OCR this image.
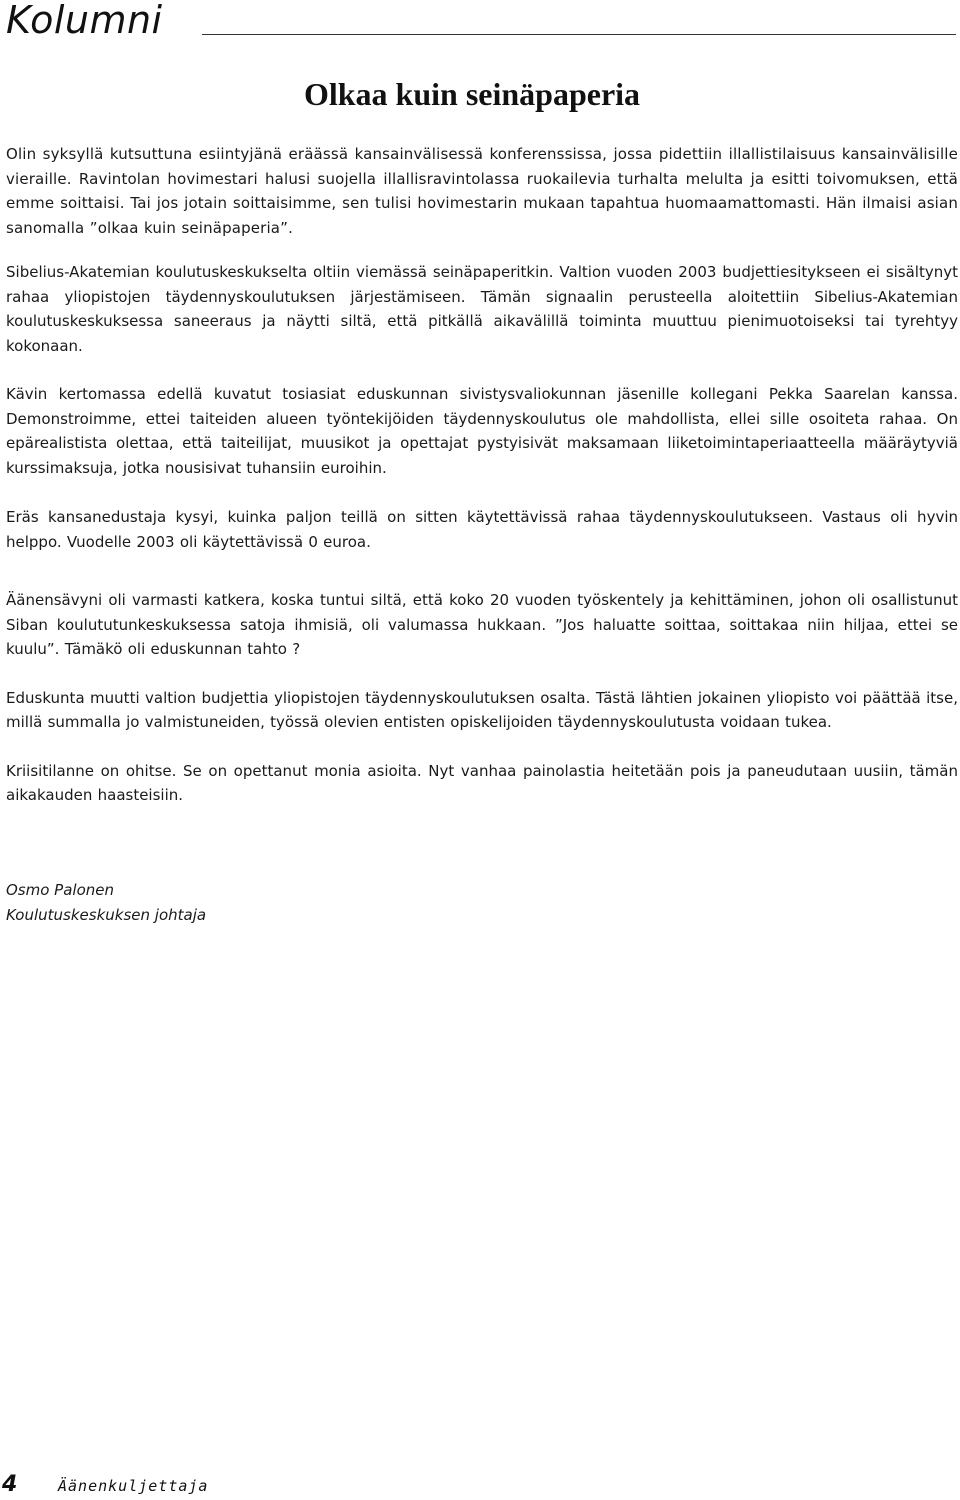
Kolumni
Olkaa kuin seinäpaperia

Olin syksyllä kutsuttuna esiintyjänä eräässä kansainvälisessä konferenssissa, jossa pidettiin illallistilaisuus kansainvälisille vieraille. Ravintolan hovimestari halusi suojella illallisravintolassa ruokailevia turhalta melulta ja esitti toivomuksen, että emme soittaisi. Tai jos jotain soittaisimme, sen tulisi hovimestarin mukaan tapahtua huomaamattomasti. Hän ilmaisi asian sanomalla ”olkaa kuin seinäpaperia”.

Sibelius-Akatemian koulutuskeskukselta oltiin viemässä seinäpaperitkin. Valtion vuoden 2003 budjettiesitykseen ei sisältynyt rahaa yliopistojen täydennyskoulutuksen järjestämiseen. Tämän signaalin perusteella aloitettiin Sibelius-Akatemian koulutuskeskuksessa saneeraus ja näytti siltä, että pitkällä aikavälillä toiminta muuttuu pienimuotoiseksi tai tyrehtyy kokonaan.

Kävin kertomassa edellä kuvatut tosiasiat eduskunnan sivistysvaliokunnan jäsenille kollegani Pekka Saarelan kanssa. Demonstroimme, ettei taiteiden alueen työntekijöiden täydennyskoulutus ole mahdollista, ellei sille osoiteta rahaa. On epärealististа olettaa, että taiteilijat, muusikot ja opettajat pystyisivät maksamaan liiketoimintaperiaatteella määräytyviä kurssimaksuja, jotka nousisivat tuhansiin euroihin.

Eräs kansanedustaja kysyi, kuinka paljon teillä on sitten käytettävissä rahaa täydennyskoulutukseen. Vastaus oli hyvin helppo. Vuodelle 2003 oli käytettävissä 0 euroa.

Äänensävyni oli varmasti katkera, koska tuntui siltä, että koko 20 vuoden työskentely ja kehittäminen, johon oli osallistunut Siban koulututunkeskuksessa satoja ihmisiä, oli valumassa hukkaan. ”Jos haluatte soittaa, soittakaa niin hiljaa, ettei se kuulu”. Tämäkö oli eduskunnan tahto ?

Eduskunta muutti valtion budjettia yliopistojen täydennyskoulutuksen osalta. Tästä lähtien jokainen yliopisto voi päättää itse, millä summalla jo valmistuneiden, työssä olevien entisten opiskelijoiden täydennyskoulutusta voidaan tukea.

Kriisitilanne on ohitse. Se on opettanut monia asioita. Nyt vanhaa painolastia heitetään pois ja paneudutaan uusiin, tämän aikakauden haasteisiin.

Osmo Palonen
Koulutuskeskuksen johtaja
4	Äänenkuljettaja
